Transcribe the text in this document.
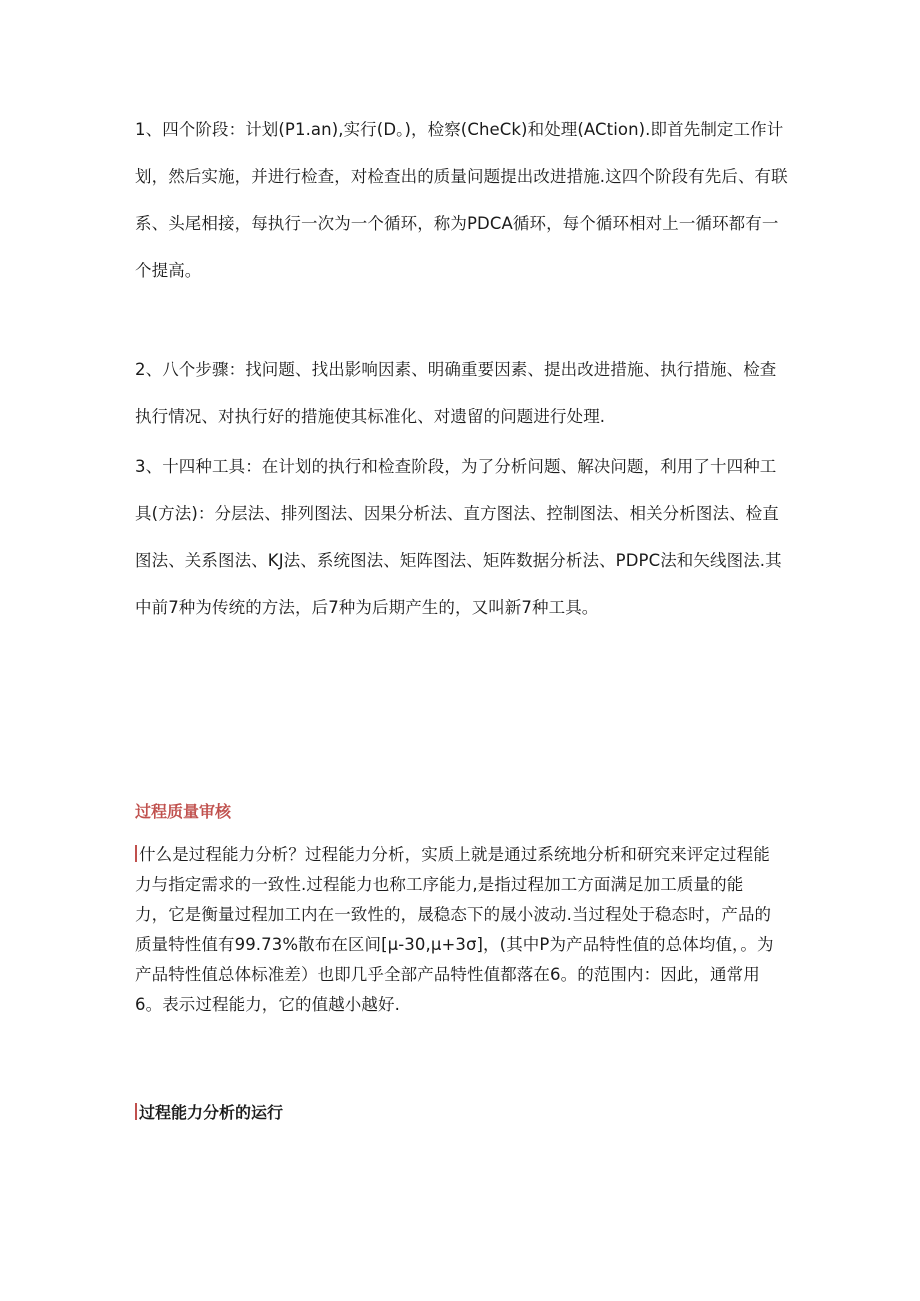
1、四个阶段：计划(P1.an),实行(D。)，检察(CheCk)和处理(ACtion).即首先制定工作计划，然后实施，并进行检查，对检查出的质量问题提出改进措施.这四个阶段有先后、有联系、头尾相接，每执行一次为一个循环，称为PDCA循环，每个循环相对上一循环都有一个提高。

2、八个步骤：找问题、找出影响因素、明确重要因素、提出改进措施、执行措施、检查执行情况、对执行好的措施使其标准化、对遗留的问题进行处理.

3、十四种工具：在计划的执行和检查阶段，为了分析问题、解决问题，利用了十四种工具(方法)：分层法、排列图法、因果分析法、直方图法、控制图法、相关分析图法、检直图法、关系图法、KJ法、系统图法、矩阵图法、矩阵数据分析法、PDPC法和矢线图法.其中前7种为传统的方法，后7种为后期产生的，又叫新7种工具。

过程质量审核

什么是过程能力分析？过程能力分析，实质上就是通过系统地分析和研究来评定过程能力与指定需求的一致性.过程能力也称工序能力,是指过程加工方面满足加工质量的能力，它是衡量过程加工内在一致性的，晟稳态下的晟小波动.当过程处于稳态时，产品的质量特性值有99.73%散布在区间[μ-30,μ+3σ]，(其中P为产品特性值的总体均值，。为产品特性值总体标准差）也即几乎全部产品特性值都落在6。的范围内：因此，通常用6。表示过程能力，它的值越小越好.

过程能力分析的运行
